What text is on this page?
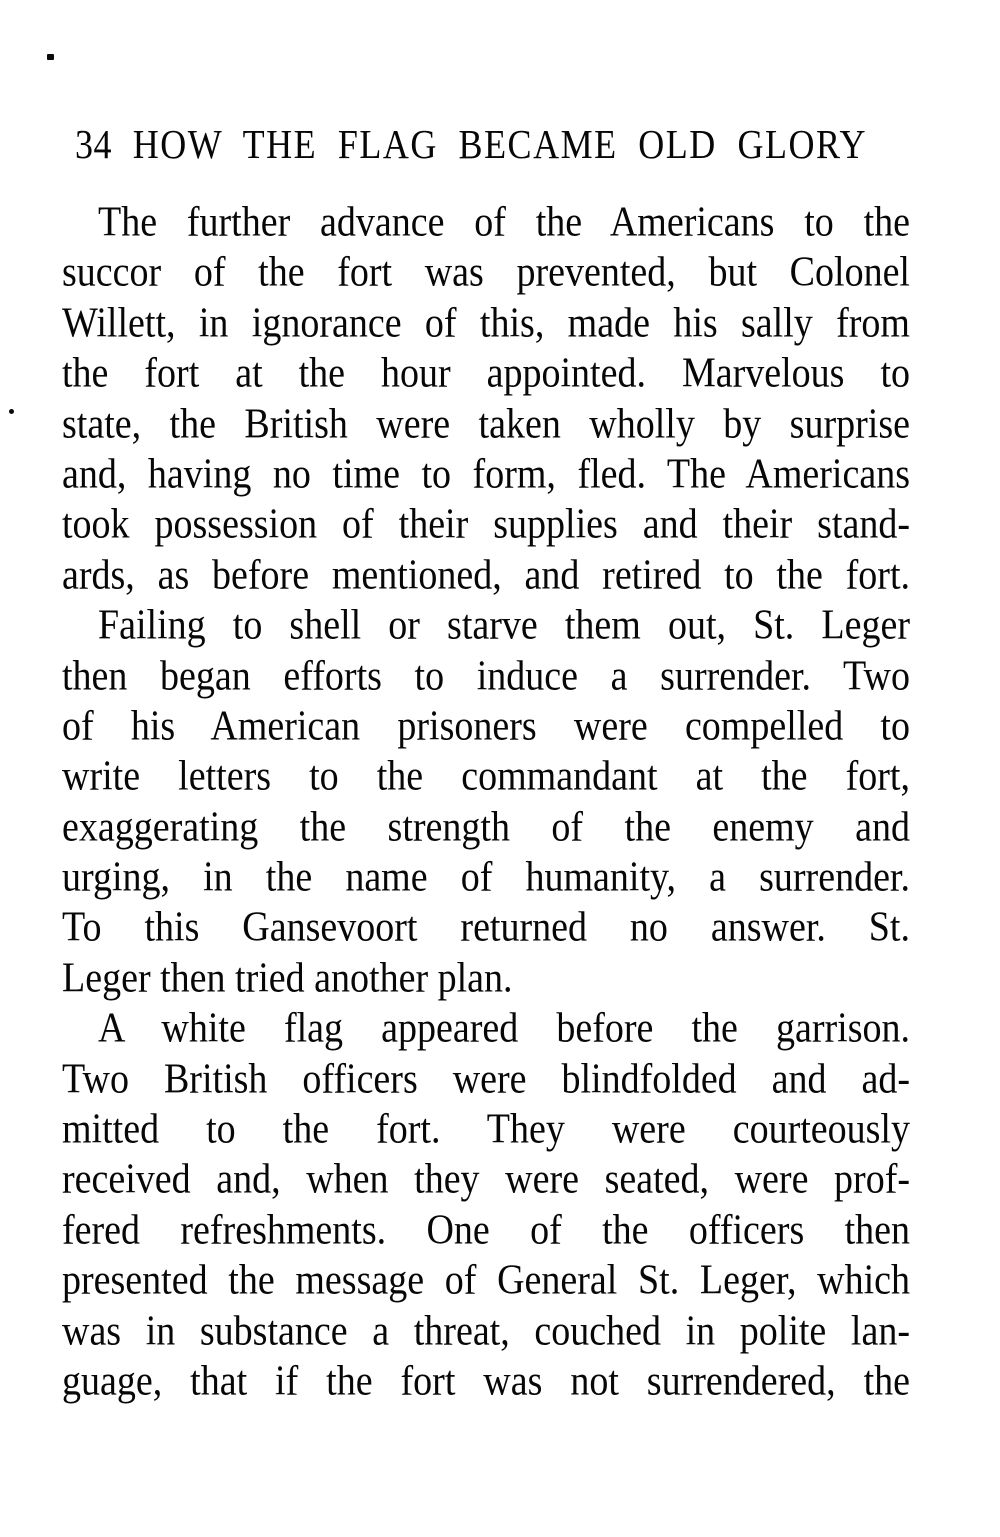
34 HOW THE FLAG BECAME OLD GLORY
The further advance of the Americans to the
succor of the fort was prevented, but Colonel
Willett, in ignorance of this, made his sally from
the fort at the hour appointed. Marvelous to
state, the British were taken wholly by surprise
and, having no time to form, fled. The Americans
took possession of their supplies and their stand-
ards, as before mentioned, and retired to the fort.
Failing to shell or starve them out, St. Leger
then began efforts to induce a surrender. Two
of his American prisoners were compelled to
write letters to the commandant at the fort,
exaggerating the strength of the enemy and
urging, in the name of humanity, a surrender.
To this Gansevoort returned no answer. St.
Leger then tried another plan.
A white flag appeared before the garrison.
Two British officers were blindfolded and ad-
mitted to the fort. They were courteously
received and, when they were seated, were prof-
fered refreshments. One of the officers then
presented the message of General St. Leger, which
was in substance a threat, couched in polite lan-
guage, that if the fort was not surrendered, the
